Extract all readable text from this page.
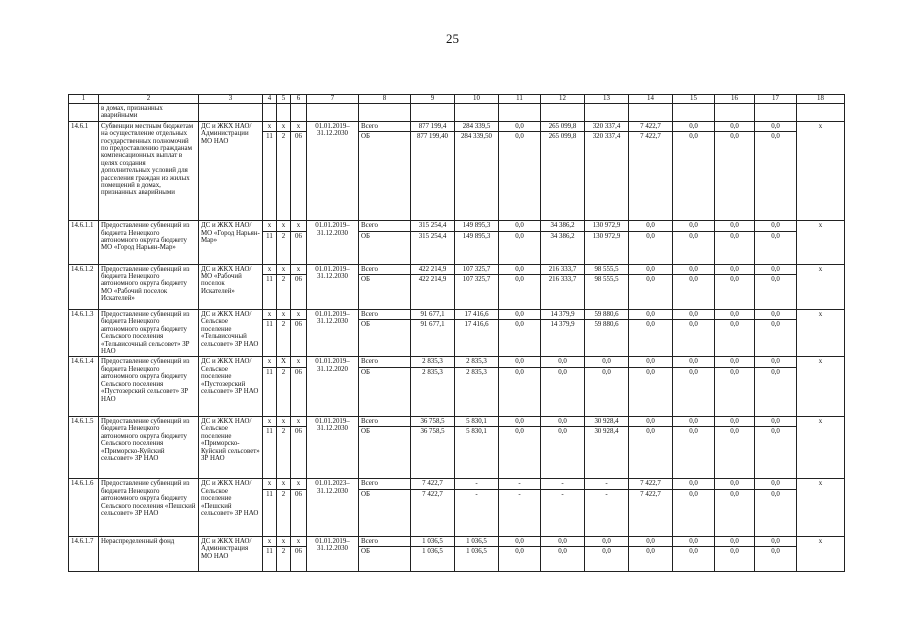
25
1	2	3	4	5	6	7	8	9	10	11	12	13	14	15	16	17	18
	в домах, признанных аварийными																
14.6.1	Субвенции местным бюджетам на осуществление отдельных государственных полномочий по предоставлению гражданам компенсационных выплат в целях создания дополнительных условий для расселения граждан из жилых помещений в домах, признанных аварийными	ДС и ЖКХ НАО/ Администрации МО НАО	x	x	x	01.01.2019– 31.12.2030	Всего	877 199,4	284 339,5	0,0	265 099,8	320 337,4	7 422,7	0,0	0,0	0,0	x
			11	2	06		ОБ	877 199,40	284 339,50	0,0	265 099,8	320 337,4	7 422,7	0,0	0,0	0,0	
14.6.1.1	Предоставление субвенций из бюджета Ненецкого автономного округа бюджету МО «Город Нарьян-Мар»	ДС и ЖКХ НАО/ МО «Город Нарьян-Мар»	x	x	x	01.01.2019– 31.12.2030	Всего	315 254,4	149 895,3	0,0	34 386,2	130 972,9	0,0	0,0	0,0	0,0	x
			11	2	06		ОБ	315 254,4	149 895,3	0,0	34 386,2	130 972,9	0,0	0,0	0,0	0,0	
14.6.1.2	Предоставление субвенций из бюджета Ненецкого автономного округа бюджету МО «Рабочий поселок Искателей»	ДС и ЖКХ НАО/ МО «Рабочий поселок Искателей»	x	x	x	01.01.2019– 31.12.2030	Всего	422 214,9	107 325,7	0,0	216 333,7	98 555,5	0,0	0,0	0,0	0,0	x
			11	2	06		ОБ	422 214,9	107 325,7	0,0	216 333,7	98 555,5	0,0	0,0	0,0	0,0	
14.6.1.3	Предоставление субвенций из бюджета Ненецкого автономного округа бюджету Сельского поселения «Тельвисочный сельсовет» ЗР НАО	ДС и ЖКХ НАО/ Сельское поселение «Тельвисочный сельсовет» ЗР НАО	x	x	x	01.01.2019– 31.12.2030	Всего	91 677,1	17 416,6	0,0	14 379,9	59 880,6	0,0	0,0	0,0	0,0	x
			11	2	06		ОБ	91 677,1	17 416,6	0,0	14 379,9	59 880,6	0,0	0,0	0,0	0,0	
14.6.1.4	Предоставление субвенций из бюджета Ненецкого автономного округа бюджету Сельского поселения «Пустозерский сельсовет» ЗР НАО	ДС и ЖКХ НАО/ Сельское поселение «Пустозерский сельсовет» ЗР НАО	x	X	x	01.01.2019– 31.12.2020	Всего	2 835,3	2 835,3	0,0	0,0	0,0	0,0	0,0	0,0	0,0	x
			11	2	06		ОБ	2 835,3	2 835,3	0,0	0,0	0,0	0,0	0,0	0,0	0,0	
14.6.1.5	Предоставление субвенций из бюджета Ненецкого автономного округа бюджету Сельского поселения «Приморско-Куйский сельсовет» ЗР НАО	ДС и ЖКХ НАО/ Сельское поселение «Приморско-Куйский сельсовет» ЗР НАО	x	x	x	01.01.2019– 31.12.2030	Всего	36 758,5	5 830,1	0,0	0,0	30 928,4	0,0	0,0	0,0	0,0	x
			11	2	06		ОБ	36 758,5	5 830,1	0,0	0,0	30 928,4	0,0	0,0	0,0	0,0	
14.6.1.6	Предоставление субвенций из бюджета Ненецкого автономного округа бюджету Сельского поселения «Пешский сельсовет» ЗР НАО	ДС и ЖКХ НАО/ Сельское поселение «Пешский сельсовет» ЗР НАО	x	x	x	01.01.2023– 31.12.2030	Всего	7 422,7	-	-	-	-	7 422,7	0,0	0,0	0,0	x
			11	2	06		ОБ	7 422,7	-	-	-	-	7 422,7	0,0	0,0	0,0	
14.6.1.7	Нераспределенный фонд	ДС и ЖКХ НАО/ Администрация МО НАО	x	x	x	01.01.2019– 31.12.2030	Всего	1 036,5	1 036,5	0,0	0,0	0,0	0,0	0,0	0,0	0,0	x
			11	2	06		ОБ	1 036,5	1 036,5	0,0	0,0	0,0	0,0	0,0	0,0	0,0	
